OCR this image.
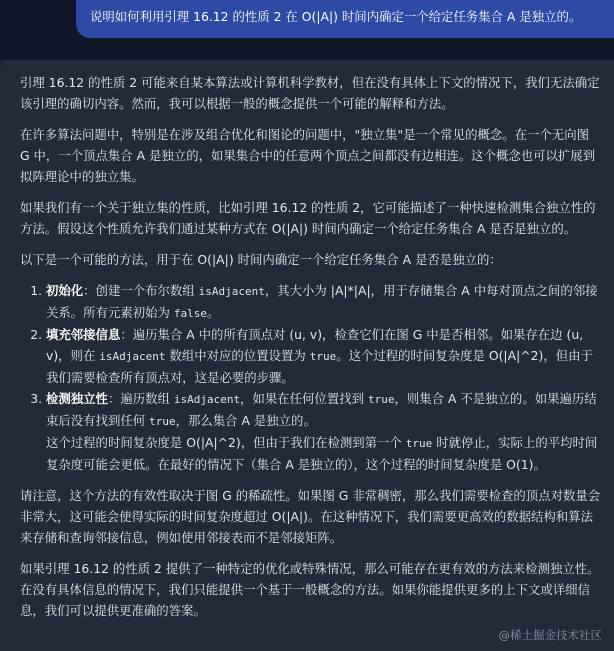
说明如何利用引理 16.12 的性质 2 在 O(|A|) 时间内确定一个给定任务集合 A 是独立的。

引理 16.12 的性质 2 可能来自某本算法或计算机科学教材，但在没有具体上下文的情况下，我们无法确定该引理的确切内容。然而，我可以根据一般的概念提供一个可能的解释和方法。

在许多算法问题中，特别是在涉及组合优化和图论的问题中，"独立集"是一个常见的概念。在一个无向图 G 中，一个顶点集合 A 是独立的，如果集合中的任意两个顶点之间都没有边相连。这个概念也可以扩展到拟阵理论中的独立集。

如果我们有一个关于独立集的性质，比如引理 16.12 的性质 2，它可能描述了一种快速检测集合独立性的方法。假设这个性质允许我们通过某种方式在 O(|A|) 时间内确定一个给定任务集合 A 是否是独立的。

以下是一个可能的方法，用于在 O(|A|) 时间内确定一个给定任务集合 A 是否是独立的：

1. 初始化：创建一个布尔数组 isAdjacent，其大小为 |A|*|A|，用于存储集合 A 中每对顶点之间的邻接关系。所有元素初始为 false。
2. 填充邻接信息：遍历集合 A 中的所有顶点对 (u, v)，检查它们在图 G 中是否相邻。如果存在边 (u, v)，则在 isAdjacent 数组中对应的位置设置为 true。这个过程的时间复杂度是 O(|A|^2)，但由于我们需要检查所有顶点对，这是必要的步骤。
3. 检测独立性：遍历数组 isAdjacent，如果在任何位置找到 true，则集合 A 不是独立的。如果遍历结束后没有找到任何 true，那么集合 A 是独立的。
这个过程的时间复杂度是 O(|A|^2)，但由于我们在检测到第一个 true 时就停止，实际上的平均时间复杂度可能会更低。在最好的情况下（集合 A 是独立的），这个过程的时间复杂度是 O(1)。

请注意，这个方法的有效性取决于图 G 的稀疏性。如果图 G 非常稠密，那么我们需要检查的顶点对数量会非常大，这可能会使得实际的时间复杂度超过 O(|A|)。在这种情况下，我们需要更高效的数据结构和算法来存储和查询邻接信息，例如使用邻接表而不是邻接矩阵。

如果引理 16.12 的性质 2 提供了一种特定的优化或特殊情况，那么可能存在更有效的方法来检测独立性。在没有具体信息的情况下，我们只能提供一个基于一般概念的方法。如果你能提供更多的上下文或详细信息，我们可以提供更准确的答案。

@稀土掘金技术社区
